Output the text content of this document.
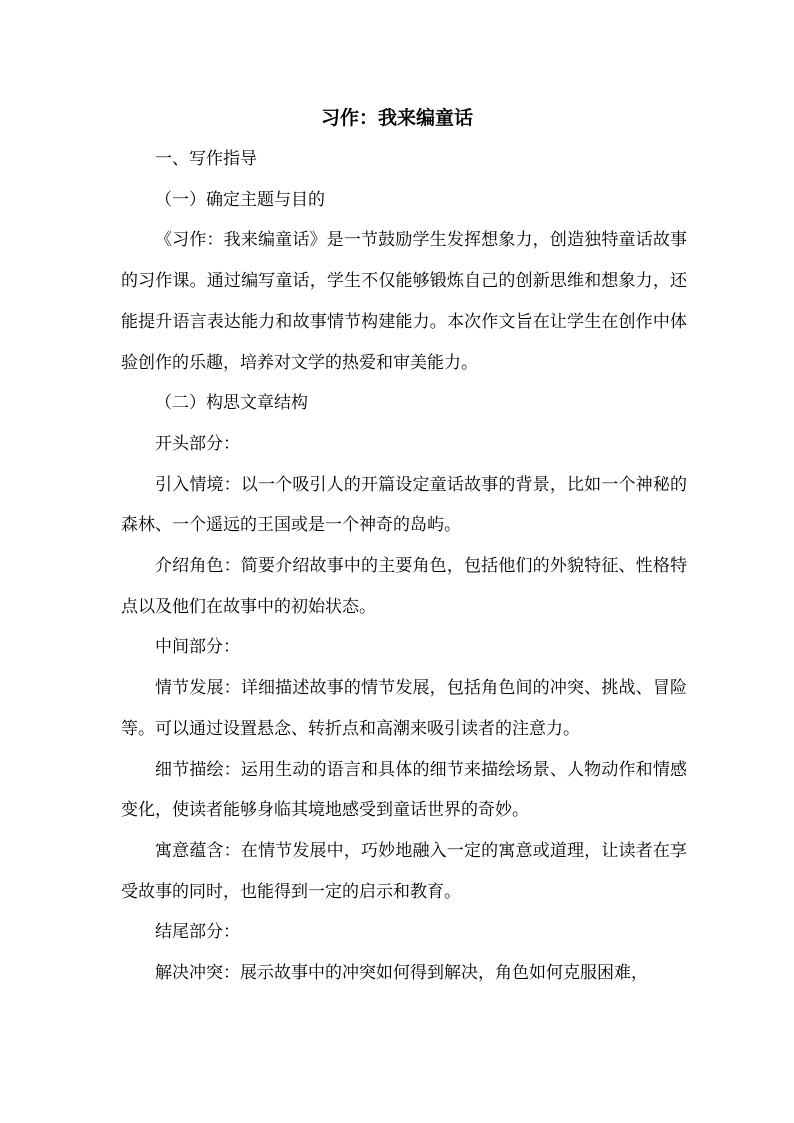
习作：我来编童话

一、写作指导

（一）确定主题与目的

《习作：我来编童话》是一节鼓励学生发挥想象力，创造独特童话故事的习作课。通过编写童话，学生不仅能够锻炼自己的创新思维和想象力，还能提升语言表达能力和故事情节构建能力。本次作文旨在让学生在创作中体验创作的乐趣，培养对文学的热爱和审美能力。

（二）构思文章结构

开头部分：

引入情境：以一个吸引人的开篇设定童话故事的背景，比如一个神秘的森林、一个遥远的王国或是一个神奇的岛屿。

介绍角色：简要介绍故事中的主要角色，包括他们的外貌特征、性格特点以及他们在故事中的初始状态。

中间部分：

情节发展：详细描述故事的情节发展，包括角色间的冲突、挑战、冒险等。可以通过设置悬念、转折点和高潮来吸引读者的注意力。

细节描绘：运用生动的语言和具体的细节来描绘场景、人物动作和情感变化，使读者能够身临其境地感受到童话世界的奇妙。

寓意蕴含：在情节发展中，巧妙地融入一定的寓意或道理，让读者在享受故事的同时，也能得到一定的启示和教育。

结尾部分：

解决冲突：展示故事中的冲突如何得到解决，角色如何克服困难，
